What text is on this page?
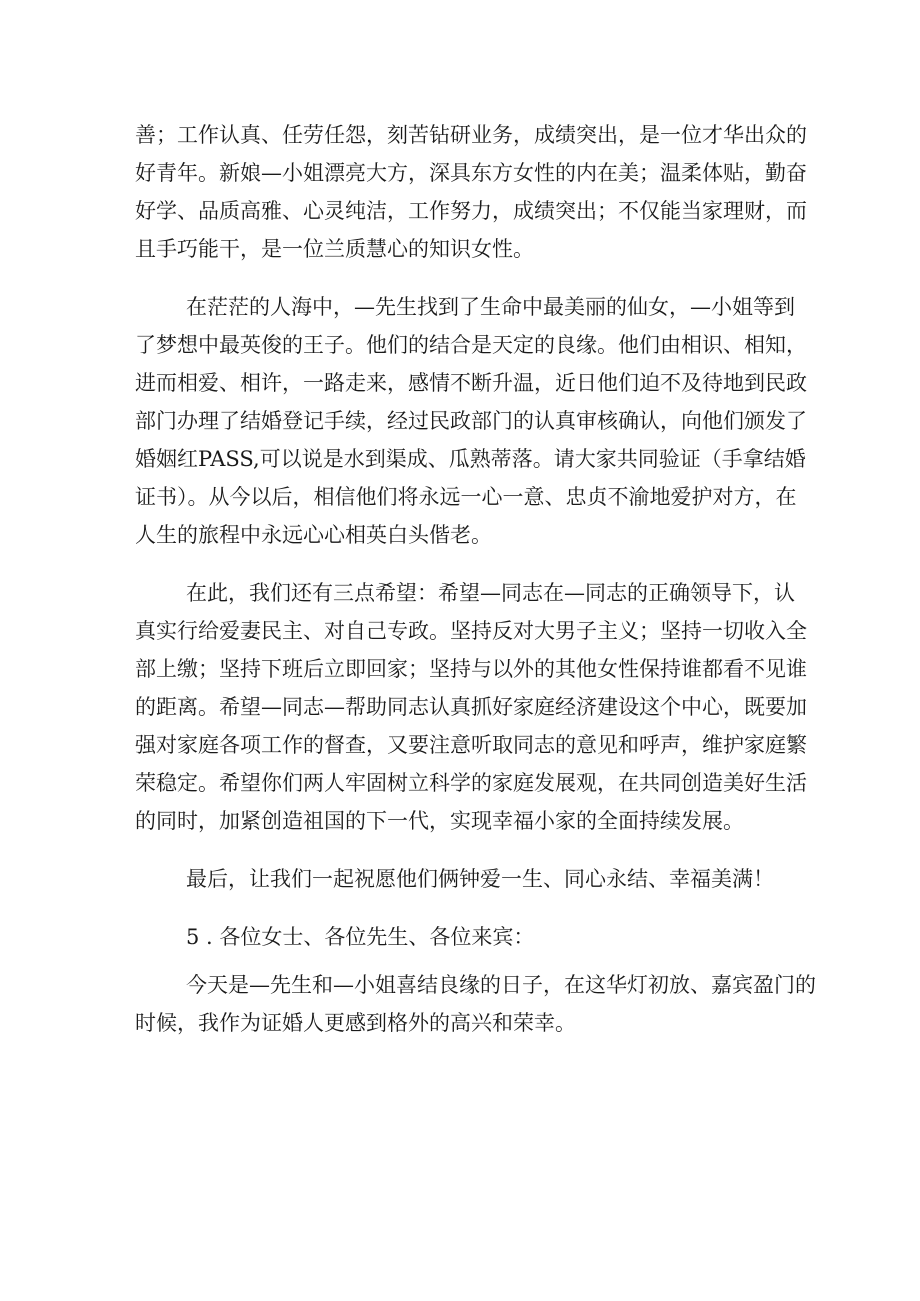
善；工作认真、任劳任怨，刻苦钻研业务，成绩突出，是一位才华出众的
好青年。新娘—小姐漂亮大方，深具东方女性的内在美；温柔体贴，勤奋
好学、品质高雅、心灵纯洁，工作努力，成绩突出；不仅能当家理财，而
且手巧能干，是一位兰质慧心的知识女性。
在茫茫的人海中，—先生找到了生命中最美丽的仙女，—小姐等到
了梦想中最英俊的王子。他们的结合是天定的良缘。他们由相识、相知，
进而相爱、相许，一路走来，感情不断升温，近日他们迫不及待地到民政
部门办理了结婚登记手续，经过民政部门的认真审核确认，向他们颁发了
婚姻红PASS,可以说是水到渠成、瓜熟蒂落。请大家共同验证（手拿结婚
证书）。从今以后，相信他们将永远一心一意、忠贞不渝地爱护对方，在
人生的旅程中永远心心相英白头偕老。
在此，我们还有三点希望：希望—同志在—同志的正确领导下，认
真实行给爱妻民主、对自己专政。坚持反对大男子主义；坚持一切收入全
部上缴；坚持下班后立即回家；坚持与以外的其他女性保持谁都看不见谁
的距离。希望—同志—帮助同志认真抓好家庭经济建设这个中心，既要加
强对家庭各项工作的督查，又要注意听取同志的意见和呼声，维护家庭繁
荣稳定。希望你们两人牢固树立科学的家庭发展观，在共同创造美好生活
的同时，加紧创造祖国的下一代，实现幸福小家的全面持续发展。
最后，让我们一起祝愿他们俩钟爱一生、同心永结、幸福美满！
5 . 各位女士、各位先生、各位来宾：
今天是—先生和—小姐喜结良缘的日子，在这华灯初放、嘉宾盈门的
时候，我作为证婚人更感到格外的高兴和荣幸。
